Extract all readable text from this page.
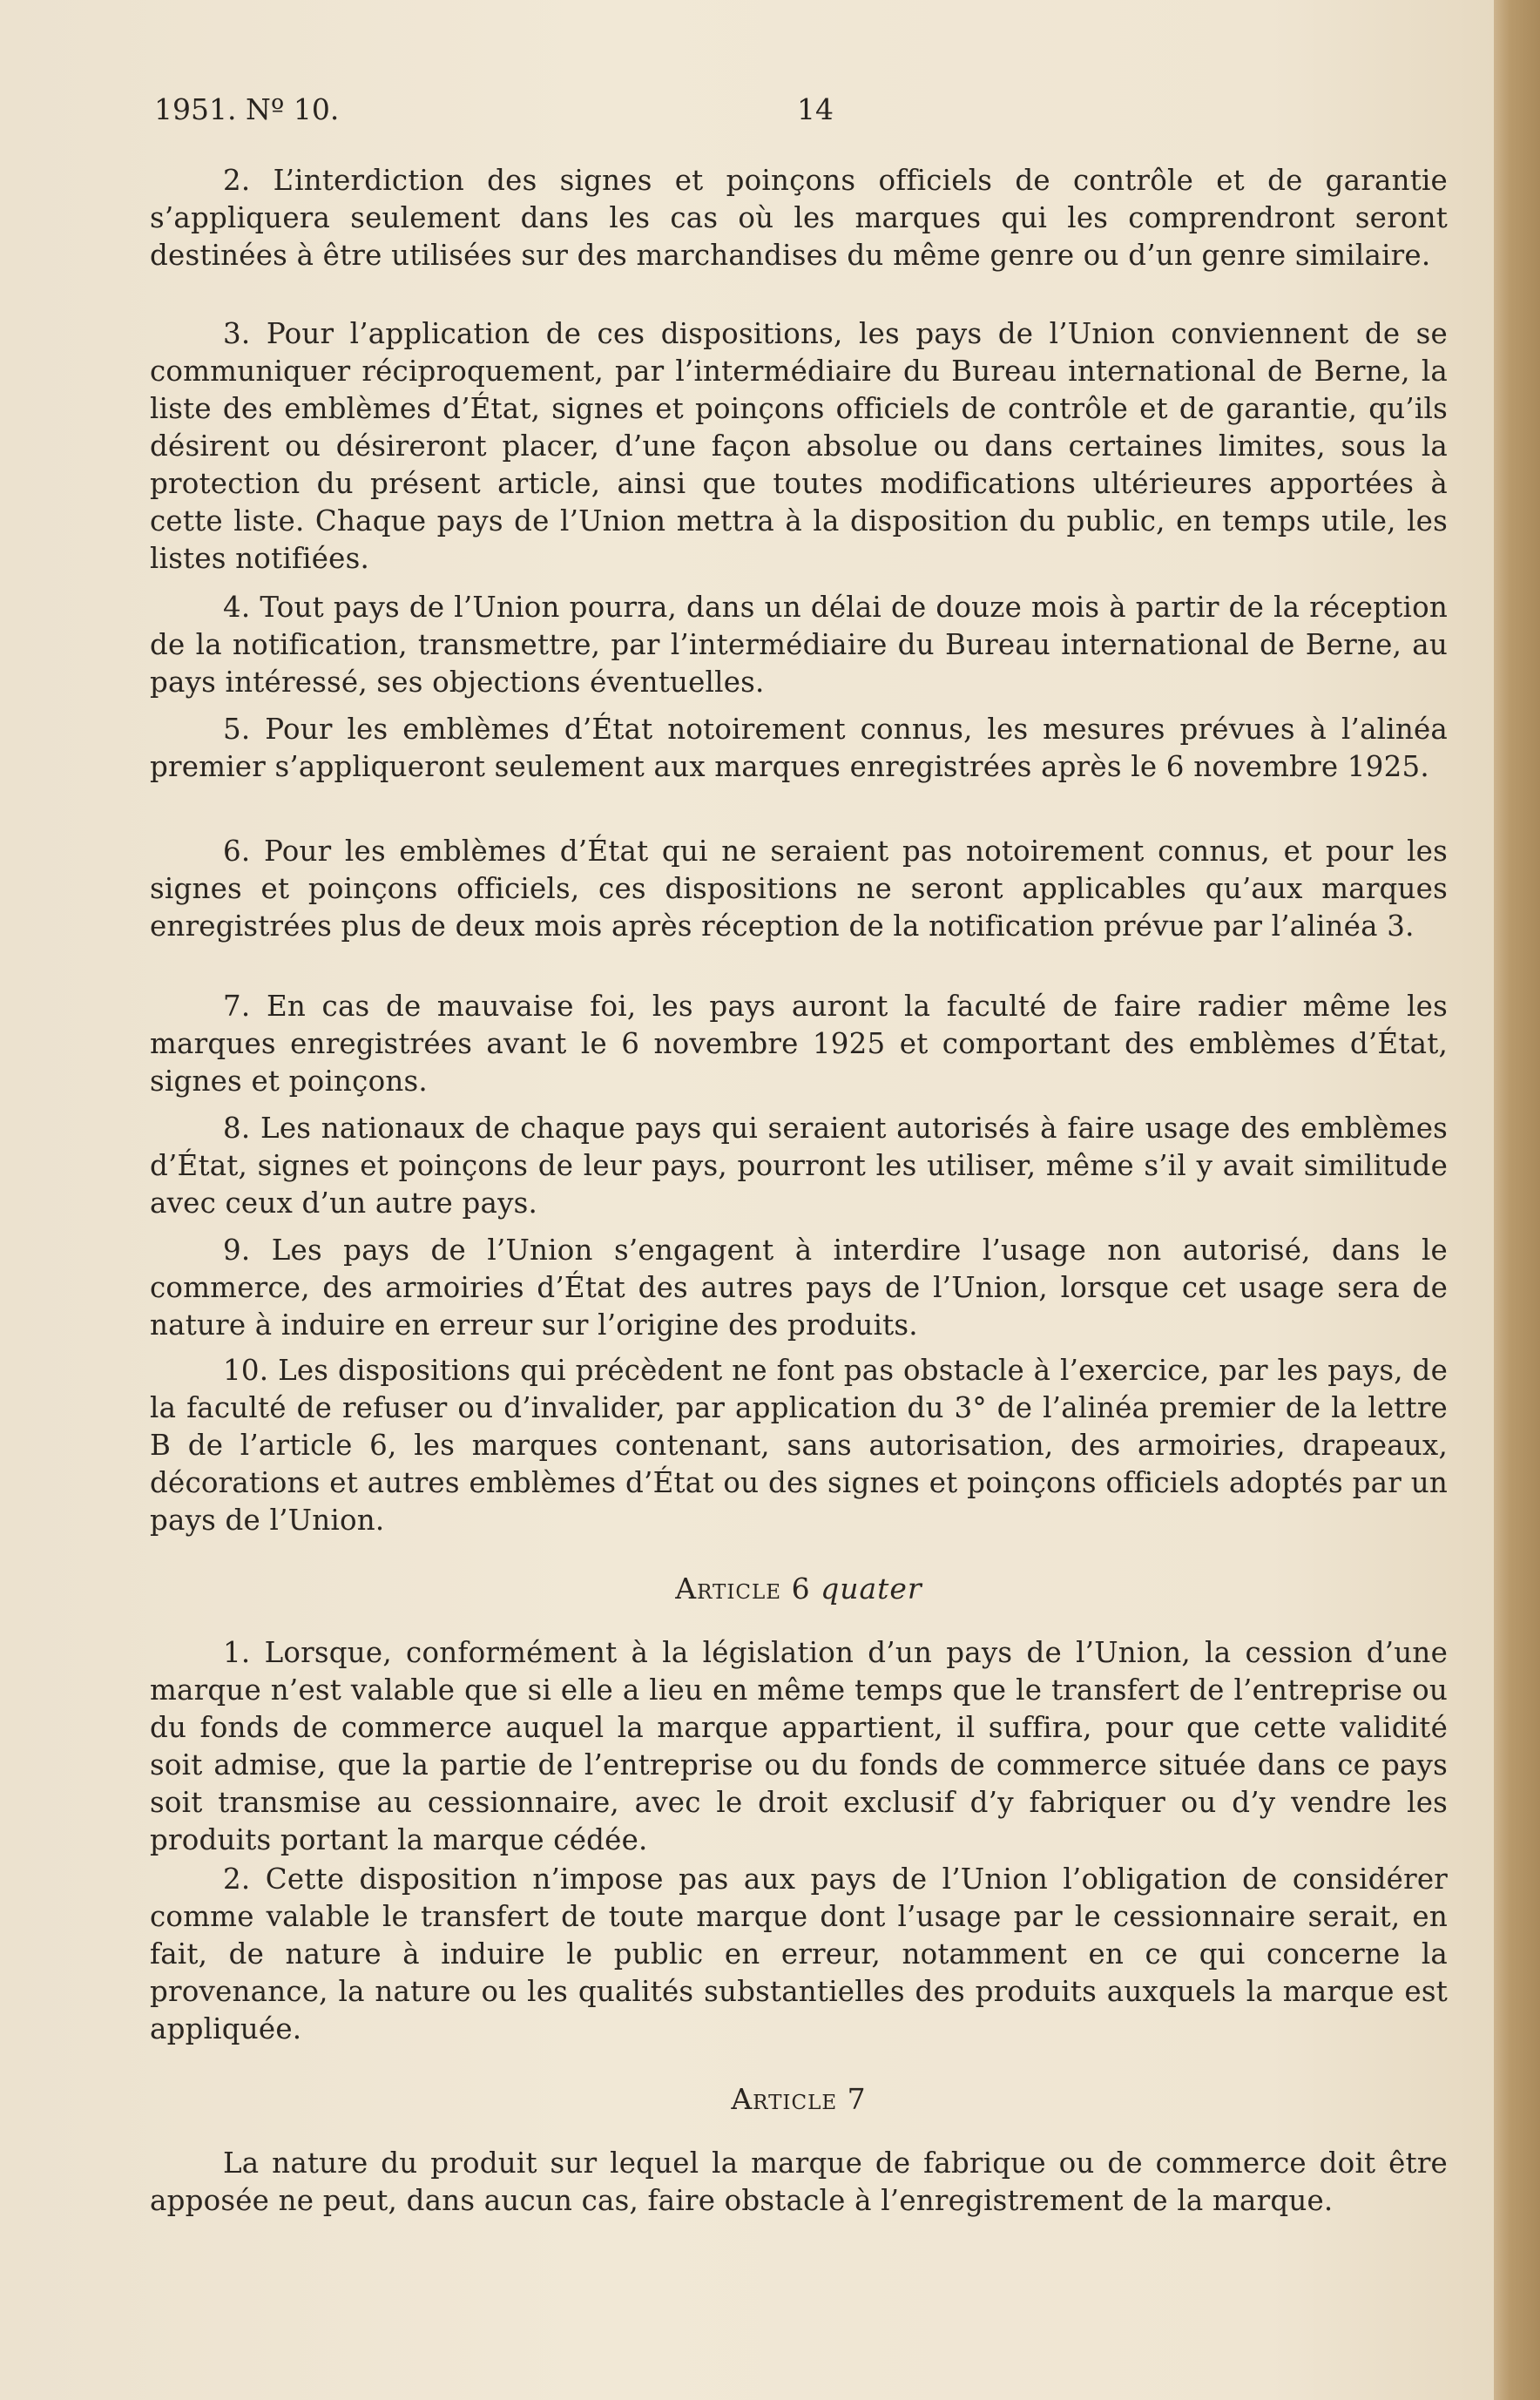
1951. Nº 10.	14

2. L’interdiction des signes et poinçons officiels de contrôle et de garantie s’appliquera seulement dans les cas où les marques qui les comprendront seront destinées à être utilisées sur des marchandises du même genre ou d’un genre similaire.

3. Pour l’application de ces dispositions, les pays de l’Union conviennent de se communiquer réciproquement, par l’intermédiaire du Bureau international de Berne, la liste des emblèmes d’État, signes et poinçons officiels de contrôle et de garantie, qu’ils désirent ou désireront placer, d’une façon absolue ou dans certaines limites, sous la protection du présent article, ainsi que toutes modifications ultérieures apportées à cette liste. Chaque pays de l’Union mettra à la disposition du public, en temps utile, les listes notifiées.

4. Tout pays de l’Union pourra, dans un délai de douze mois à partir de la réception de la notification, transmettre, par l’intermédiaire du Bureau international de Berne, au pays intéressé, ses objections éventuelles.

5. Pour les emblèmes d’État notoirement connus, les mesures prévues à l’alinéa premier s’appliqueront seulement aux marques enregistrées après le 6 novembre 1925.

6. Pour les emblèmes d’État qui ne seraient pas notoirement connus, et pour les signes et poinçons officiels, ces dispositions ne seront applicables qu’aux marques enregistrées plus de deux mois après réception de la notification prévue par l’alinéa 3.

7. En cas de mauvaise foi, les pays auront la faculté de faire radier même les marques enregistrées avant le 6 novembre 1925 et comportant des emblèmes d’État, signes et poinçons.

8. Les nationaux de chaque pays qui seraient autorisés à faire usage des emblèmes d’État, signes et poinçons de leur pays, pourront les utiliser, même s’il y avait similitude avec ceux d’un autre pays.

9. Les pays de l’Union s’engagent à interdire l’usage non autorisé, dans le commerce, des armoiries d’État des autres pays de l’Union, lorsque cet usage sera de nature à induire en erreur sur l’origine des produits.

10. Les dispositions qui précèdent ne font pas obstacle à l’exercice, par les pays, de la faculté de refuser ou d’invalider, par application du 3° de l’alinéa premier de la lettre B de l’article 6, les marques contenant, sans autorisation, des armoiries, drapeaux, décorations et autres emblèmes d’État ou des signes et poinçons officiels adoptés par un pays de l’Union.

Article 6 quater

1. Lorsque, conformément à la législation d’un pays de l’Union, la cession d’une marque n’est valable que si elle a lieu en même temps que le transfert de l’entreprise ou du fonds de commerce auquel la marque appartient, il suffira, pour que cette validité soit admise, que la partie de l’entreprise ou du fonds de commerce située dans ce pays soit transmise au cessionnaire, avec le droit exclusif d’y fabriquer ou d’y vendre les produits portant la marque cédée.

2. Cette disposition n’impose pas aux pays de l’Union l’obligation de considérer comme valable le transfert de toute marque dont l’usage par le cessionnaire serait, en fait, de nature à induire le public en erreur, notamment en ce qui concerne la provenance, la nature ou les qualités substantielles des produits auxquels la marque est appliquée.

Article 7

La nature du produit sur lequel la marque de fabrique ou de commerce doit être apposée ne peut, dans aucun cas, faire obstacle à l’enregistrement de la marque.
